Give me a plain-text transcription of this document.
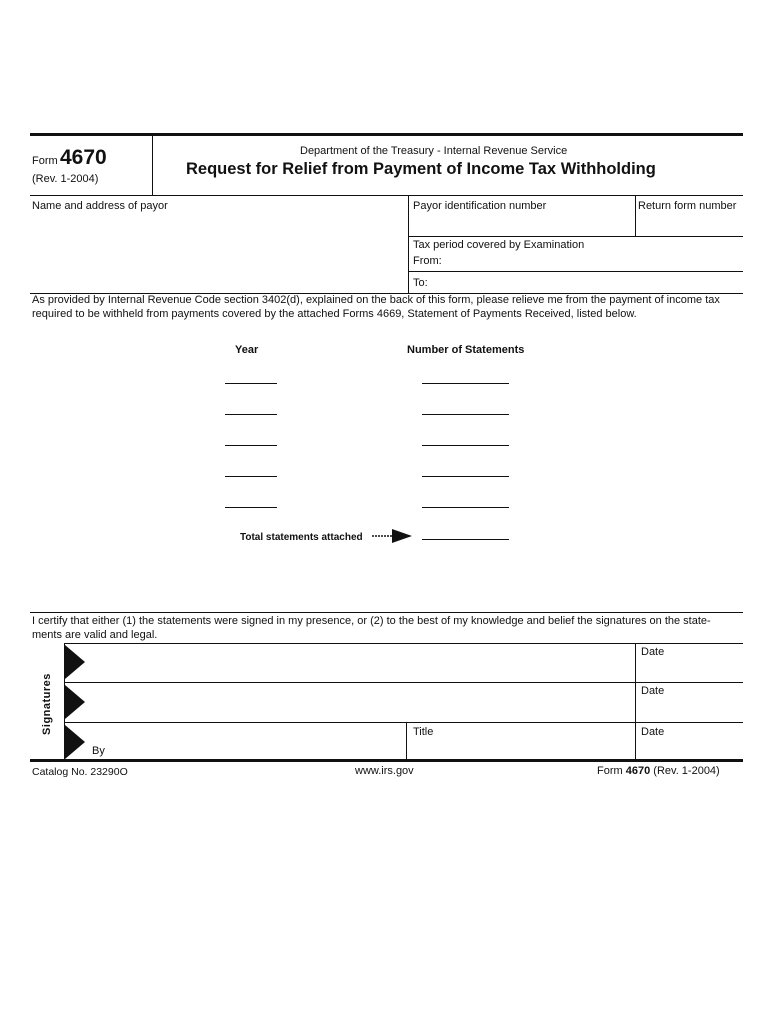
Form 4670
(Rev. 1-2004)
Department of the Treasury - Internal Revenue Service
Request for Relief from Payment of Income Tax Withholding
Name and address of payor	Payor identification number	Return form number
Tax period covered by Examination
From:
To:
As provided by Internal Revenue Code section 3402(d), explained on the back of this form, please relieve me from the payment of income tax
required to be withheld from payments covered by the attached Forms 4669, Statement of Payments Received, listed below.
Year	Number of Statements
Total statements attached
I certify that either (1) the statements were signed in my presence, or (2) to the best of my knowledge and belief the signatures on the state-
ments are valid and legal.
Signatures
Date
Date
By
Title	Date
Catalog No. 23290O	www.irs.gov	Form 4670 (Rev. 1-2004)
